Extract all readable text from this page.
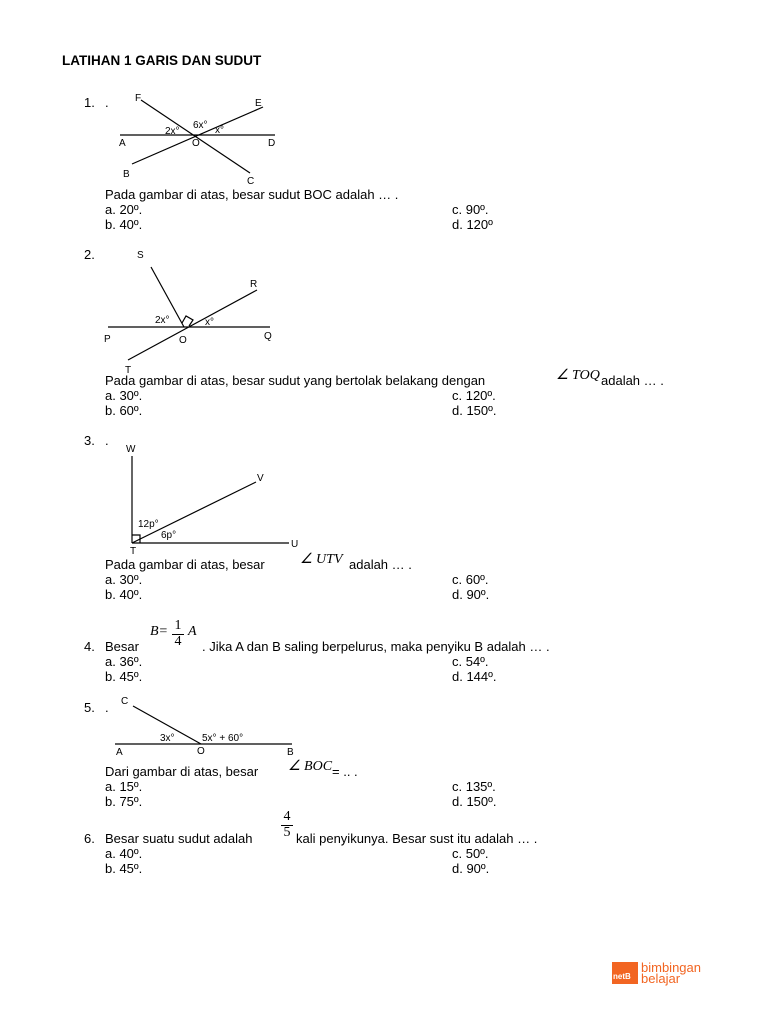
LATIHAN 1 GARIS DAN SUDUT
1. .	F	E
A	O	D
B
C
2x°
6x° x°
Pada gambar di atas, besar sudut BOC adalah … .
a. 20º.
b. 40º.
c. 90º.
d. 120º
2.	S
R
P	O	Q
T
2x°	x°
Pada gambar di atas, besar sudut yang bertolak belakang dengan	∠ TOQ adalah … .
a. 30º.
b. 60º.
c. 120º.
d. 150º.
3. .
W
V
T
U
12p°
6p°
Pada gambar di atas, besar	∠ UTV adalah … .
a. 30º.
b. 40º.
c. 60º.
d. 90º.
4. Besar
B= 1
4
A
. Jika A dan B saling berpelurus, maka penyiku B adalah … .
a. 36º.
b. 45º.
c. 54º.
d. 144º.
5. . C
A	O	B
3x°	5x° + 60°
Dari gambar di atas, besar ∠ BOC = .. .
a. 15º.
b. 75º.
c. 135º.
d. 150º.
6. Besar suatu sudut adalah
4
5 kali penyikunya. Besar sust itu adalah … .
a. 40º.
b. 45º.
c. 50º.
d. 90º.
netB
bimbingan
belajar
